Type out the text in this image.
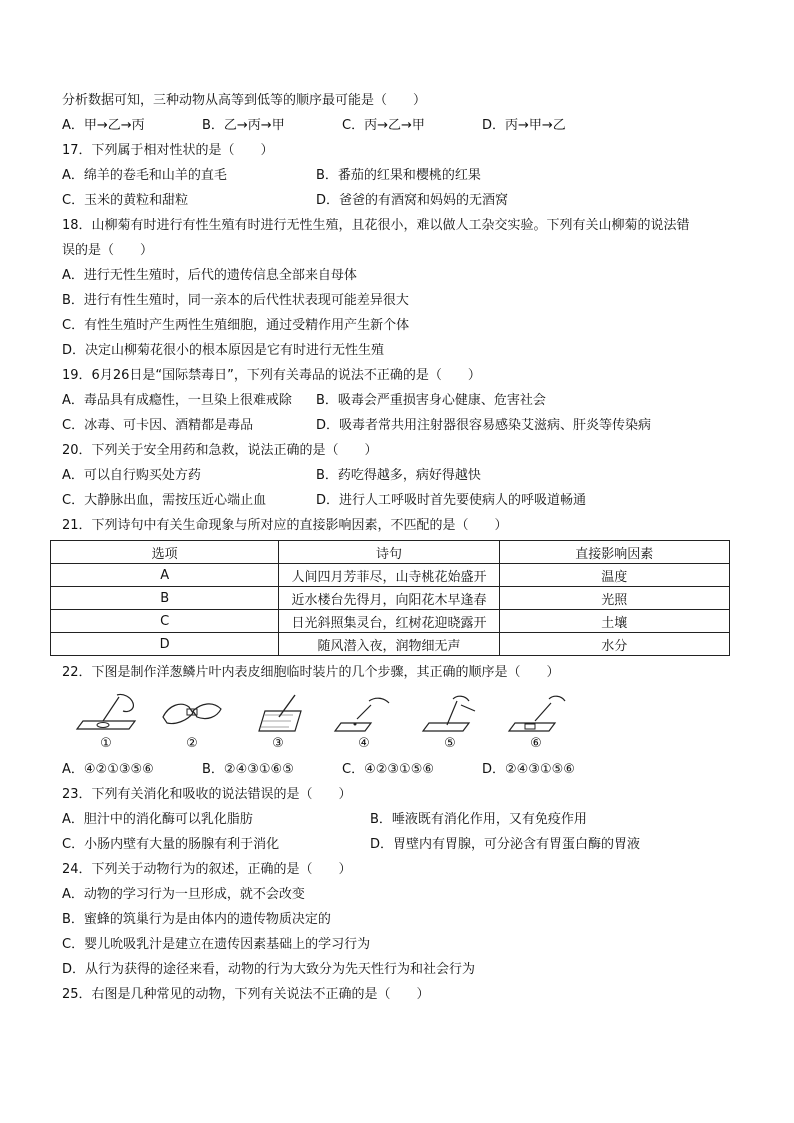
分析数据可知，三种动物从高等到低等的顺序最可能是（　　）
A．甲→乙→丙	B．乙→丙→甲	C．丙→乙→甲	D．丙→甲→乙
17．下列属于相对性状的是（　　）
A．绵羊的卷毛和山羊的直毛	B．番茄的红果和樱桃的红果
C．玉米的黄粒和甜粒	D．爸爸的有酒窝和妈妈的无酒窝
18．山柳菊有时进行有性生殖有时进行无性生殖，且花很小，难以做人工杂交实验。下列有关山柳菊的说法错
误的是（　　）
A．进行无性生殖时，后代的遗传信息全部来自母体
B．进行有性生殖时，同一亲本的后代性状表现可能差异很大
C．有性生殖时产生两性生殖细胞，通过受精作用产生新个体
D．决定山柳菊花很小的根本原因是它有时进行无性生殖
19．6月26日是“国际禁毒日”，下列有关毒品的说法不正确的是（　　）
A．毒品具有成瘾性，一旦染上很难戒除	B．吸毒会严重损害身心健康、危害社会
C．冰毒、可卡因、酒精都是毒品	D．吸毒者常共用注射器很容易感染艾滋病、肝炎等传染病
20．下列关于安全用药和急救，说法正确的是（　　）
A．可以自行购买处方药	B．药吃得越多，病好得越快
C．大静脉出血，需按压近心端止血	D．进行人工呼吸时首先要使病人的呼吸道畅通
21．下列诗句中有关生命现象与所对应的直接影响因素，不匹配的是（　　）
选项	诗句	直接影响因素
A	人间四月芳菲尽，山寺桃花始盛开	温度
B	近水楼台先得月，向阳花木早逢春	光照
C	日光斜照集灵台，红树花迎晓露开	土壤
D	随风潜入夜，润物细无声	水分
22．下图是制作洋葱鳞片叶内表皮细胞临时装片的几个步骤，其正确的顺序是（　　）
①	②	③	④	⑤	⑥
A．④②①③⑤⑥	B．②④③①⑥⑤	C．④②③①⑤⑥	D．②④③①⑤⑥
23．下列有关消化和吸收的说法错误的是（　　）
A．胆汁中的消化酶可以乳化脂肪	B．唾液既有消化作用，又有免疫作用
C．小肠内壁有大量的肠腺有利于消化	D．胃壁内有胃腺，可分泌含有胃蛋白酶的胃液
24．下列关于动物行为的叙述，正确的是（　　）
A．动物的学习行为一旦形成，就不会改变
B．蜜蜂的筑巢行为是由体内的遗传物质决定的
C．婴儿吮吸乳汁是建立在遗传因素基础上的学习行为
D．从行为获得的途径来看，动物的行为大致分为先天性行为和社会行为
25．右图是几种常见的动物，下列有关说法不正确的是（　　）
